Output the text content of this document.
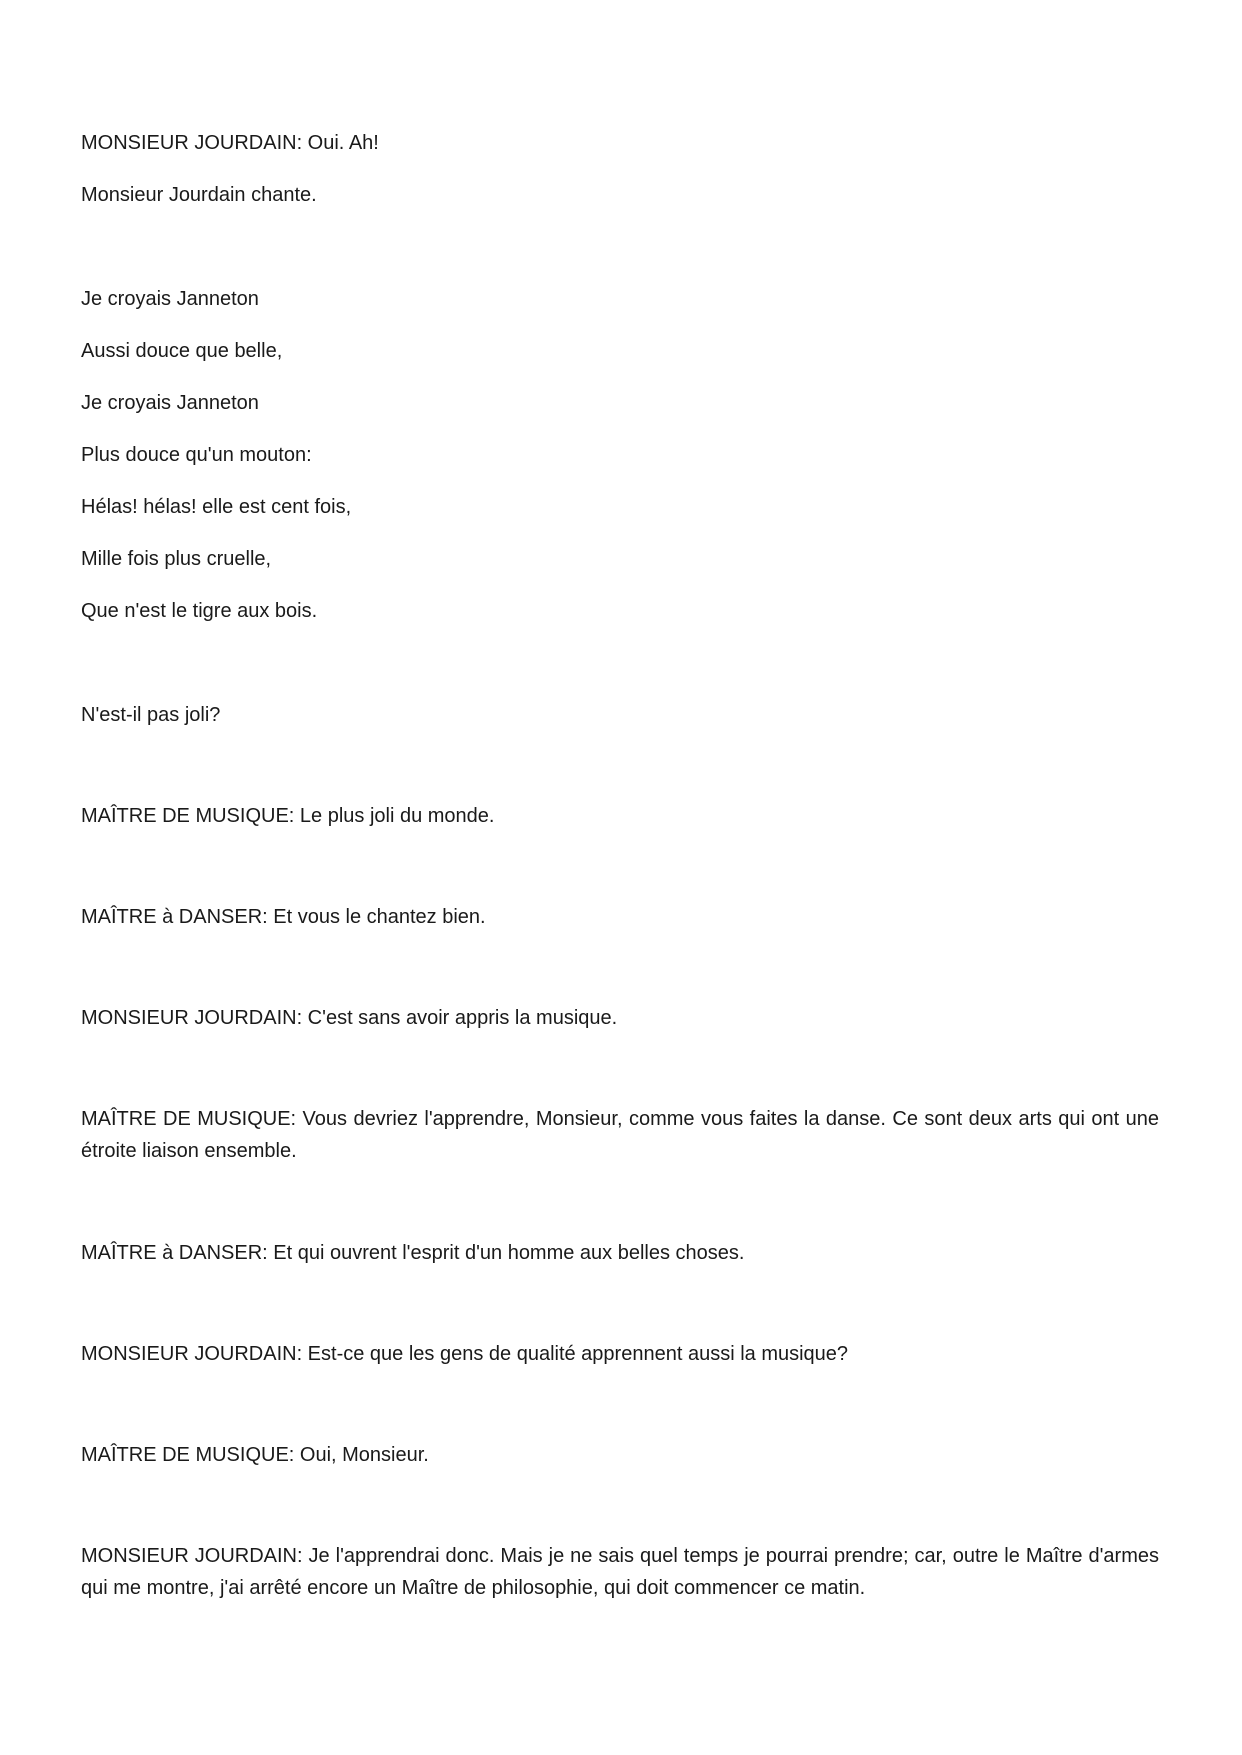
MONSIEUR JOURDAIN: Oui. Ah!

Monsieur Jourdain chante.

Je croyais Janneton

Aussi douce que belle,

Je croyais Janneton

Plus douce qu'un mouton:

Hélas! hélas! elle est cent fois,

Mille fois plus cruelle,

Que n'est le tigre aux bois.

N'est-il pas joli?

MAÎTRE DE MUSIQUE: Le plus joli du monde.

MAÎTRE à DANSER: Et vous le chantez bien.

MONSIEUR JOURDAIN: C'est sans avoir appris la musique.

MAÎTRE DE MUSIQUE: Vous devriez l'apprendre, Monsieur, comme vous faites la danse. Ce sont deux arts qui ont une étroite liaison ensemble.

MAÎTRE à DANSER: Et qui ouvrent l'esprit d'un homme aux belles choses.

MONSIEUR JOURDAIN: Est-ce que les gens de qualité apprennent aussi la musique?

MAÎTRE DE MUSIQUE: Oui, Monsieur.

MONSIEUR JOURDAIN: Je l'apprendrai donc. Mais je ne sais quel temps je pourrai prendre; car, outre le Maître d'armes qui me montre, j'ai arrêté encore un Maître de philosophie, qui doit commencer ce matin.
